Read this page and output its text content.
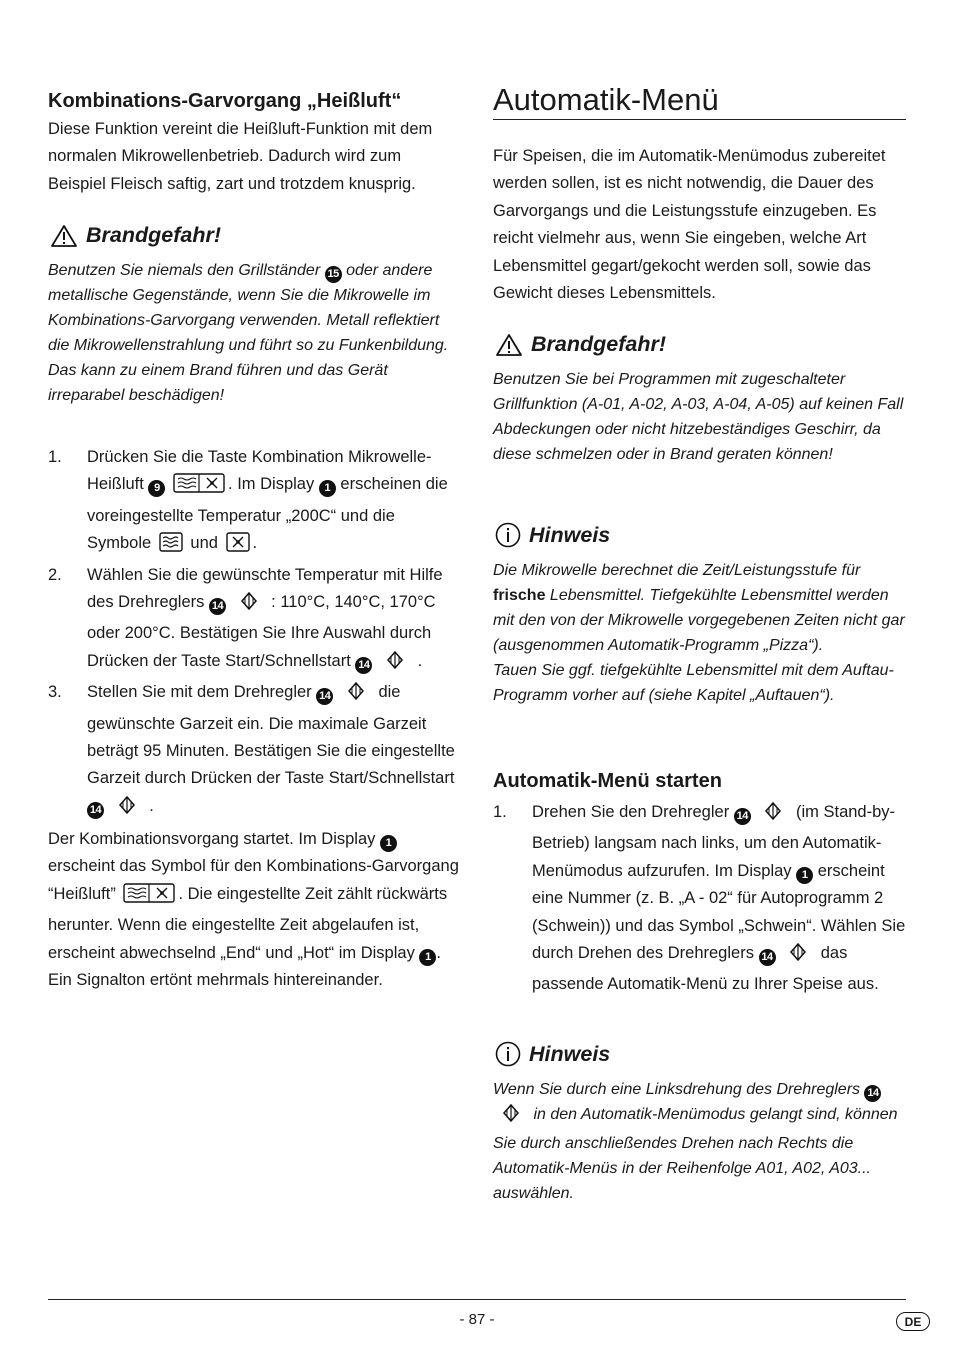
Kombinations-Garvorgang „Heißluft“

Diese Funktion vereint die Heißluft-Funktion mit dem normalen Mikrowellenbetrieb. Dadurch wird zum Beispiel Fleisch saftig, zart und trotzdem knusprig.

Brandgefahr!

Benutzen Sie niemals den Grillständer 15 oder andere metallische Gegenstände, wenn Sie die Mikrowelle im Kombinations-Garvorgang verwenden. Metall reflektiert die Mikrowellenstrahlung und führt so zu Funkenbildung. Das kann zu einem Brand führen und das Gerät irreparabel beschädigen!

1. Drücken Sie die Taste Kombination Mikrowelle-Heißluft 9	. Im Display 1 erscheinen die voreingestellte Temperatur „200C“ und die Symbole und .
2. Wählen Sie die gewünschte Temperatur mit Hilfe des Drehreglers 14	: 110°C, 140°C, 170°C oder 200°C. Bestätigen Sie Ihre Auswahl durch Drücken der Taste Start/Schnellstart 14	.
3. Stellen Sie mit dem Drehregler 14	die gewünschte Garzeit ein. Die maximale Garzeit beträgt 95 Minuten. Bestätigen Sie die eingestellte Garzeit durch Drücken der Taste Start/Schnellstart 14	.

Der Kombinationsvorgang startet. Im Display 1 erscheint das Symbol für den Kombinations-Garvorgang “Heißluft”	. Die eingestellte Zeit zählt rückwärts herunter. Wenn die eingestellte Zeit abgelaufen ist, erscheint abwechselnd „End“ und „Hot“ im Display 1 . Ein Signalton ertönt mehrmals hintereinander.

Automatik-Menü

Für Speisen, die im Automatik-Menümodus zubereitet werden sollen, ist es nicht notwendig, die Dauer des Garvorgangs und die Leistungsstufe einzugeben. Es reicht vielmehr aus, wenn Sie eingeben, welche Art Lebensmittel gegart/gekocht werden soll, sowie das Gewicht dieses Lebensmittels.

Brandgefahr!

Benutzen Sie bei Programmen mit zugeschalteter Grillfunktion (A-01, A-02, A-03, A-04, A-05) auf keinen Fall Abdeckungen oder nicht hitzebeständiges Geschirr, da diese schmelzen oder in Brand geraten können!

Hinweis

Die Mikrowelle berechnet die Zeit/Leistungsstufe für frische Lebensmittel. Tiefgekühlte Lebensmittel werden mit den von der Mikrowelle vorgegebenen Zeiten nicht gar (ausgenommen Automatik-Programm „Pizza“).
Tauen Sie ggf. tiefgekühlte Lebensmittel mit dem Auftau-Programm vorher auf (siehe Kapitel „Auftauen“).

Automatik-Menü starten
1. Drehen Sie den Drehregler 14	(im Stand-by-Betrieb) langsam nach links, um den Automatik-Menümodus aufzurufen. Im Display 1 erscheint eine Nummer (z. B. „A - 02“ für Autoprogramm 2 (Schwein)) und das Symbol „Schwein“. Wählen Sie durch Drehen des Drehreglers 14	das passende Automatik-Menü zu Ihrer Speise aus.
Hinweis

Wenn Sie durch eine Linksdrehung des Drehreglers 14  in den Automatik-Menümodus gelangt sind, können Sie durch anschließendes Drehen nach Rechts die Automatik-Menüs in der Reihenfolge A01, A02, A03... auswählen.

- 87 -	DE
